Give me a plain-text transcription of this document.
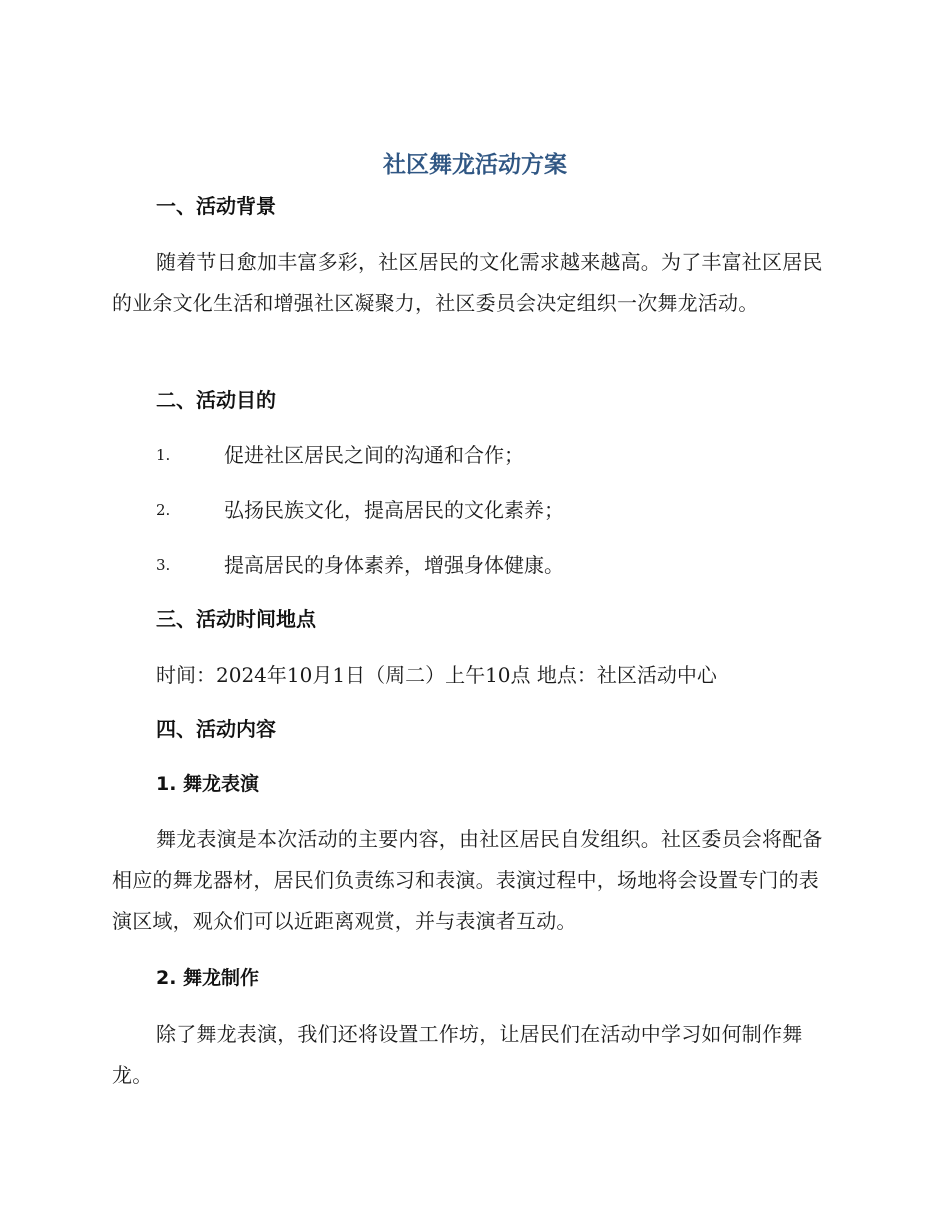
社区舞龙活动方案
一、活动背景

随着节日愈加丰富多彩，社区居民的文化需求越来越高。为了丰富社区居民的业余文化生活和增强社区凝聚力，社区委员会决定组织一次舞龙活动。

二、活动目的
1.	促进社区居民之间的沟通和合作；
2.	弘扬民族文化，提高居民的文化素养；
3.	提高居民的身体素养，增强身体健康。
三、活动时间地点

时间：2024年10月1日（周二）上午10点 地点：社区活动中心

四、活动内容
1. 舞龙表演

舞龙表演是本次活动的主要内容，由社区居民自发组织。社区委员会将配备相应的舞龙器材，居民们负责练习和表演。表演过程中，场地将会设置专门的表演区域，观众们可以近距离观赏，并与表演者互动。

2. 舞龙制作

除了舞龙表演，我们还将设置工作坊，让居民们在活动中学习如何制作舞龙。
